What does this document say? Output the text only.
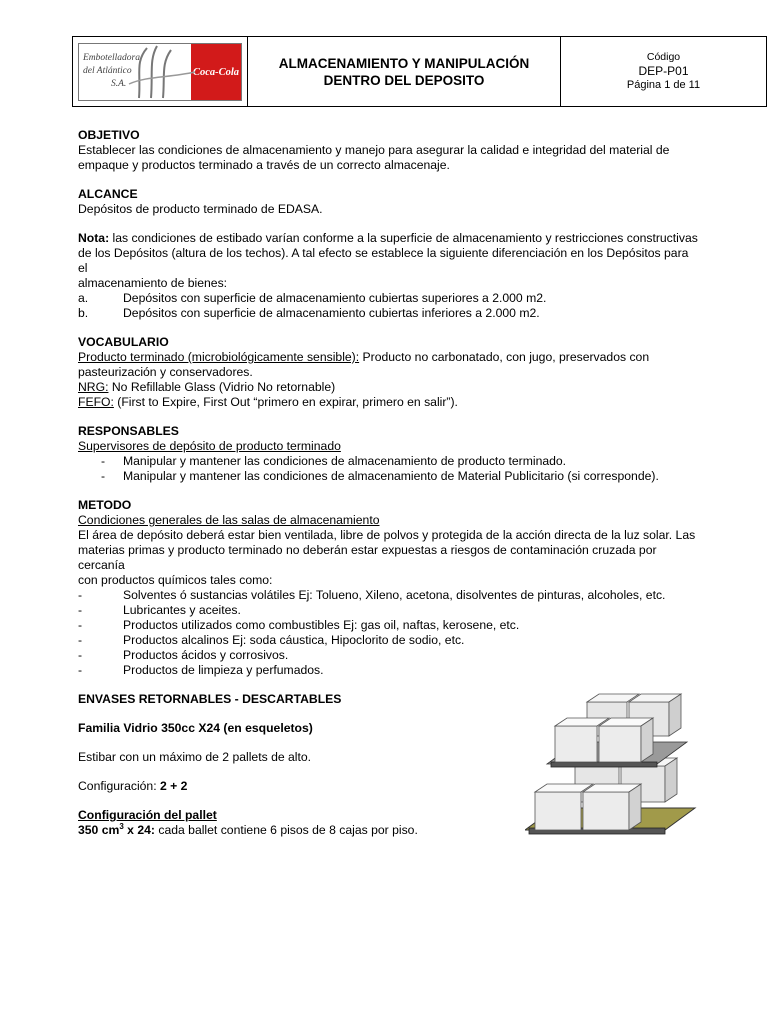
Embotelladora
del Atlántico
S.A.
Coca-Cola
ALMACENAMIENTO Y MANIPULACIÓN
DENTRO DEL DEPOSITO
Código
DEP-P01
Página 1 de 11
OBJETIVO
Establecer las condiciones de almacenamiento y manejo para asegurar la calidad e integridad del material de
empaque y productos terminado a través de un correcto almacenaje.
ALCANCE
Depósitos de producto terminado de EDASA.
Nota: las condiciones de estibado varían conforme a la superficie de almacenamiento y restricciones constructivas
de los Depósitos (altura de los techos). A tal efecto se establece la siguiente diferenciación en los Depósitos para el
almacenamiento de bienes:
a.	Depósitos con superficie de almacenamiento cubiertas superiores a 2.000 m2.
b.	Depósitos con superficie de almacenamiento cubiertas inferiores a 2.000 m2.
VOCABULARIO
Producto terminado (microbiológicamente sensible): Producto no carbonatado, con jugo, preservados con
pasteurización y conservadores.
NRG: No Refillable Glass (Vidrio No retornable)
FEFO: (First to Expire, First Out “primero en expirar, primero en salir”).
RESPONSABLES
Supervisores de depósito de producto terminado
-	Manipular y mantener las condiciones de almacenamiento de producto terminado.
-	Manipular y mantener las condiciones de almacenamiento de Material Publicitario (si corresponde).
METODO
Condiciones generales de las salas de almacenamiento
El área de depósito deberá estar bien ventilada, libre de polvos y protegida de la acción directa de la luz solar. Las
materias primas y producto terminado no deberán estar expuestas a riesgos de contaminación cruzada por cercanía
con productos químicos tales como:
-	Solventes ó sustancias volátiles Ej: Tolueno, Xileno, acetona, disolventes de pinturas, alcoholes, etc.
-	Lubricantes y aceites.
-	Productos utilizados como combustibles Ej: gas oil, naftas, kerosene, etc.
-	Productos alcalinos Ej: soda cáustica, Hipoclorito de sodio, etc.
-	Productos ácidos y corrosivos.
-	Productos de limpieza y perfumados.
ENVASES RETORNABLES - DESCARTABLES
Familia Vidrio 350cc X24 (en esqueletos)
Estibar con un máximo de 2 pallets de alto.
Configuración: 2 + 2
Configuración del pallet
350 $cm^3$ x 24: cada ballet contiene 6 pisos de 8 cajas por piso.
